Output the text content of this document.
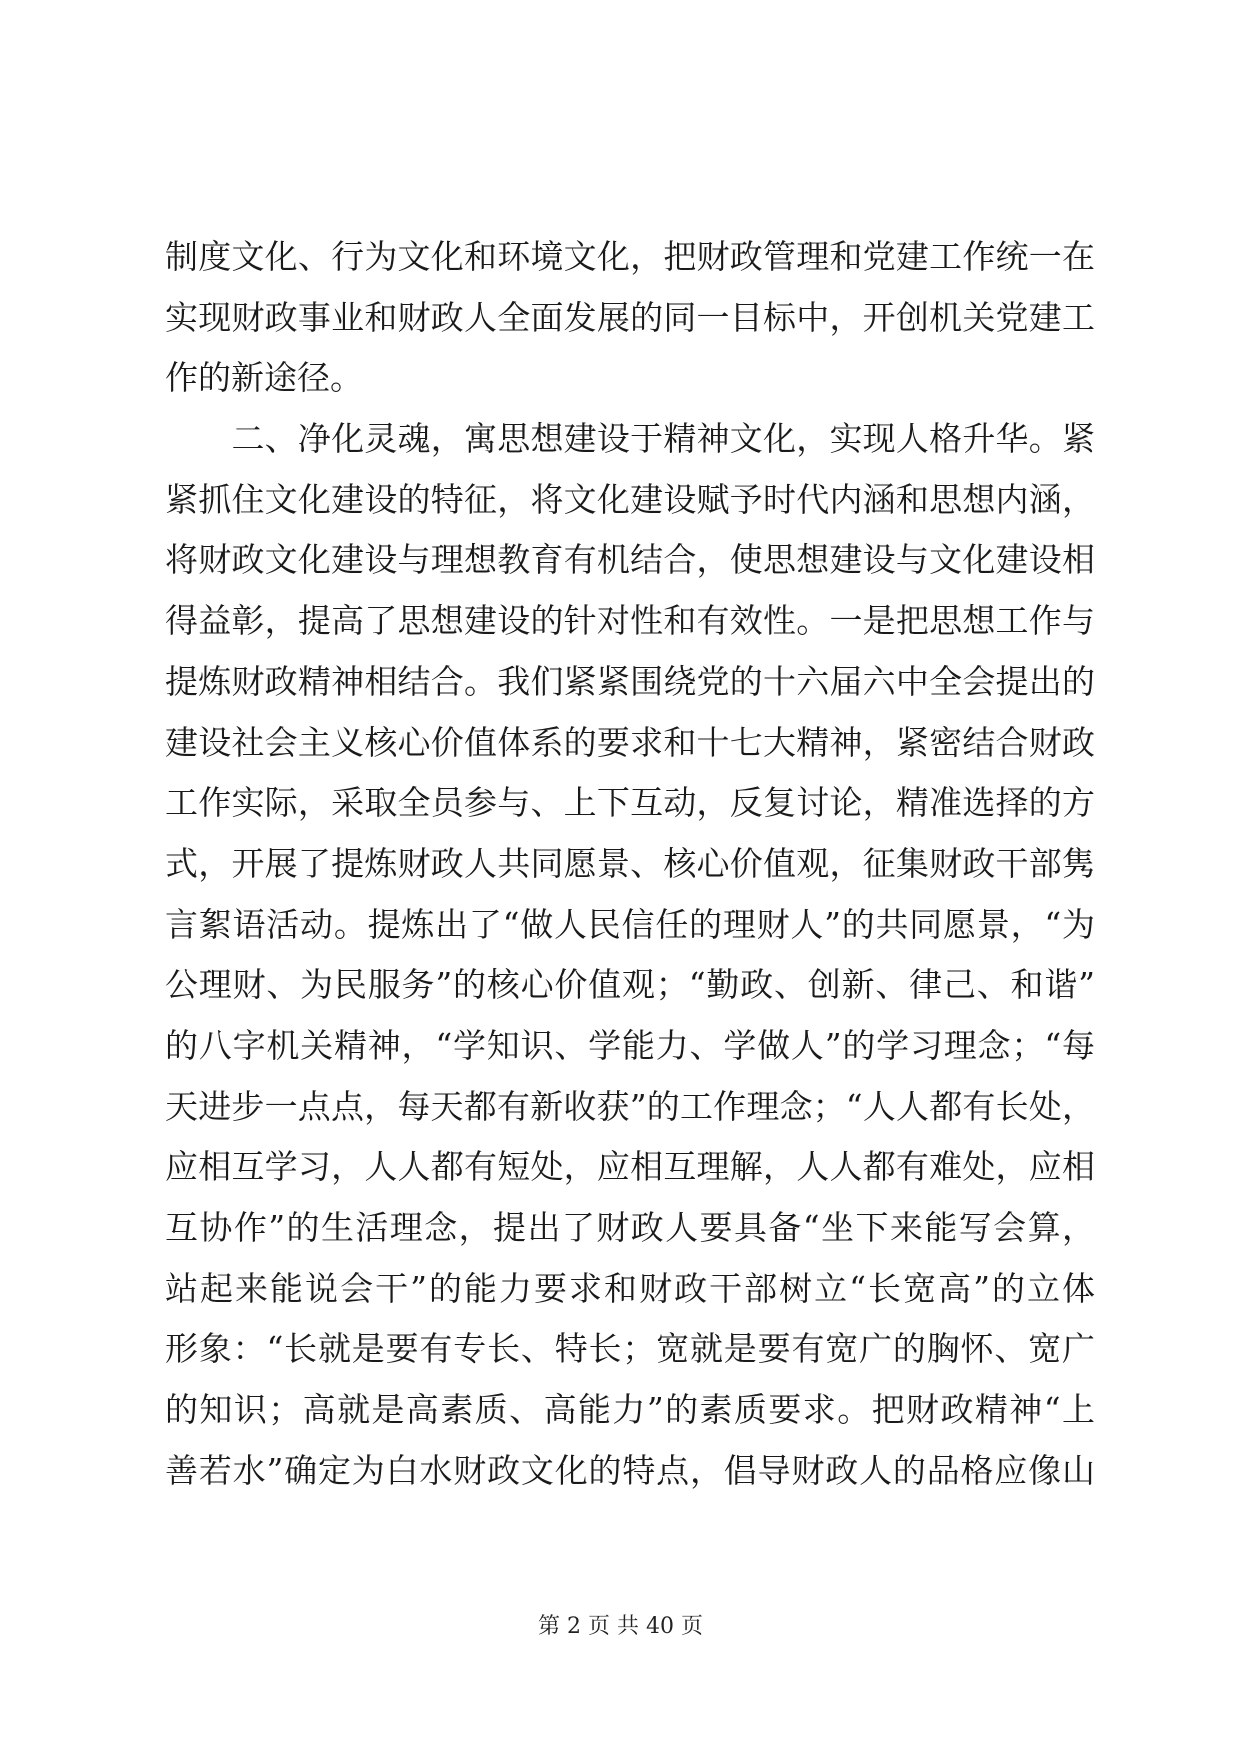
制度文化、行为文化和环境文化，把财政管理和党建工作统一在
实现财政事业和财政人全面发展的同一目标中，开创机关党建工
作的新途径。
　　二、净化灵魂，寓思想建设于精神文化，实现人格升华。紧
紧抓住文化建设的特征，将文化建设赋予时代内涵和思想内涵，
将财政文化建设与理想教育有机结合，使思想建设与文化建设相
得益彰，提高了思想建设的针对性和有效性。一是把思想工作与
提炼财政精神相结合。我们紧紧围绕党的十六届六中全会提出的
建设社会主义核心价值体系的要求和十七大精神，紧密结合财政
工作实际，采取全员参与、上下互动，反复讨论，精准选择的方
式，开展了提炼财政人共同愿景、核心价值观，征集财政干部隽
言絮语活动。提炼出了“做人民信任的理财人”的共同愿景，“为
公理财、为民服务”的核心价值观；“勤政、创新、律己、和谐”
的八字机关精神，“学知识、学能力、学做人”的学习理念；“每
天进步一点点，每天都有新收获”的工作理念；“人人都有长处，
应相互学习，人人都有短处，应相互理解，人人都有难处，应相
互协作”的生活理念，提出了财政人要具备“坐下来能写会算，
站起来能说会干”的能力要求和财政干部树立“长宽高”的立体
形象：“长就是要有专长、特长；宽就是要有宽广的胸怀、宽广
的知识；高就是高素质、高能力”的素质要求。把财政精神“上
善若水”确定为白水财政文化的特点，倡导财政人的品格应像山
第 2 页 共 40 页
